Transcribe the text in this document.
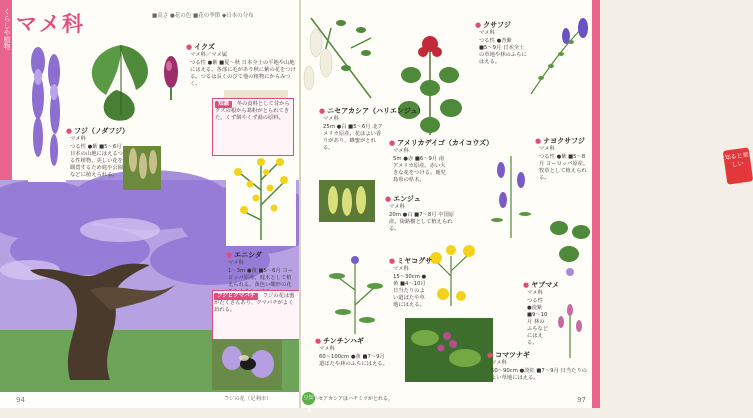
くらしや植物 マメ科	■高さ ●花の色 ■花の季節 ◆日本の分布
フジの花（足利市）
● イクズ
マメ科／マメ属
つる性 ●紫 ■夏〜秋 日本全土の平地や山地にはえる。各部に毛があり秋に紫の花をつける。つるは長くのびて他の植物にからみつく。
知識 冬の食料として昔からクズの根から葛粉がとられてきた。くず餅やくず湯の原料。
● フジ（ノダフジ）
マメ科
つる性 ●紫 ■5〜6月 日本の山地にはえるつる性植物。美しい花を観賞するため庭や公園などに植えられる。
● エニシダ
マメ科
1〜3m ●黄 ■5〜6月 ヨーロッパ原産。庭木として植えられる。黄色い蝶形の花
フジとクマバチ フジの花は蜜がたくさんあり、クマバチがよく訪れる。
94
● クサフジ
マメ科
つる性 ●青紫 ■5〜9月 日本全土の草地や林のふちにはえる。
● ニセアカシア（ハリエンジュ）
マメ科
25m ●白 ■5〜6月 北アメリカ原産。花はよい香りがあり、蜂蜜がとれる。
● アメリカデイゴ（カイコウズ）
マメ科
5m ●赤 ■6〜9月 南アメリカ原産。赤い大きな花をつける。鹿児島県の県木。
● エンジュ
マメ科
20m ●白 ■7〜8月 中国原産。街路樹として植えられる。
知ると楽しい
● ナヨクサフジ
マメ科
つる性 ●紫 ■5〜8月 ヨーロッパ原産。牧草として植えられる。
● ミヤコグサ
マメ科
15〜30cm ●黄 ■4〜10月 日当たりのよい道ばたや草地にはえる。
● チンチンハギ
マメ科
60〜100cm ●黄 ■7〜9月 道ばたや林のふちにはえる。
● ヤブマメ
マメ科
つる性 ●淡紫 ■9〜10月 林のふちなどにはえる。
● コマツナギ
マメ科
50〜90cm ●淡紅 ■7〜9月 日当たりのよい草地にはえる。
97
豆知識
ニセアカシアはハチミツがとれる。
